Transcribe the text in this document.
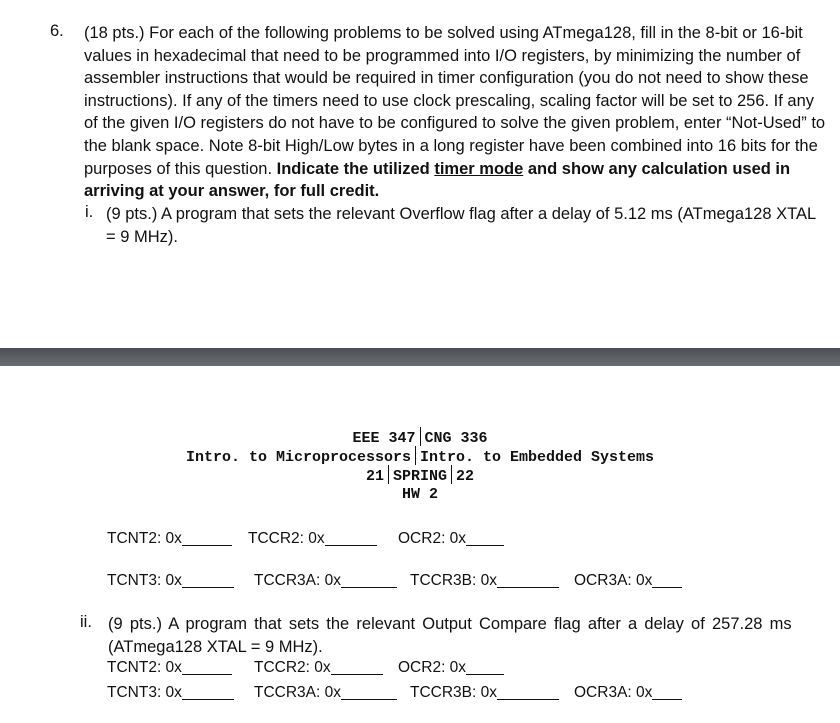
6. (18 pts.) For each of the following problems to be solved using ATmega128, fill in the 8-bit or 16-bit values in hexadecimal that need to be programmed into I/O registers, by minimizing the number of assembler instructions that would be required in timer configuration (you do not need to show these instructions). If any of the timers need to use clock prescaling, scaling factor will be set to 256. If any of the given I/O registers do not have to be configured to solve the given problem, enter “Not-Used” to the blank space. Note 8-bit High/Low bytes in a long register have been combined into 16 bits for the purposes of this question. Indicate the utilized timer mode and show any calculation used in arriving at your answer, for full credit.

i. (9 pts.) A program that sets the relevant Overflow flag after a delay of 5.12 ms (ATmega128 XTAL
= 9 MHz).
EEE 347 CNG 336
Intro. to Microprocessors Intro. to Embedded Systems
21 SPRING 22
HW 2
TCNT2: 0x	TCCR2: 0x	OCR2: 0x
TCNT3: 0x	TCCR3A: 0x	TCCR3B: 0x	OCR3A: 0x
ii. (9 pts.) A program that sets the relevant Output Compare flag after a delay of 257.28 ms
(ATmega128 XTAL = 9 MHz).
TCNT2: 0x	TCCR2: 0x	OCR2: 0x
TCNT3: 0x	TCCR3A: 0x	TCCR3B: 0x	OCR3A: 0x
